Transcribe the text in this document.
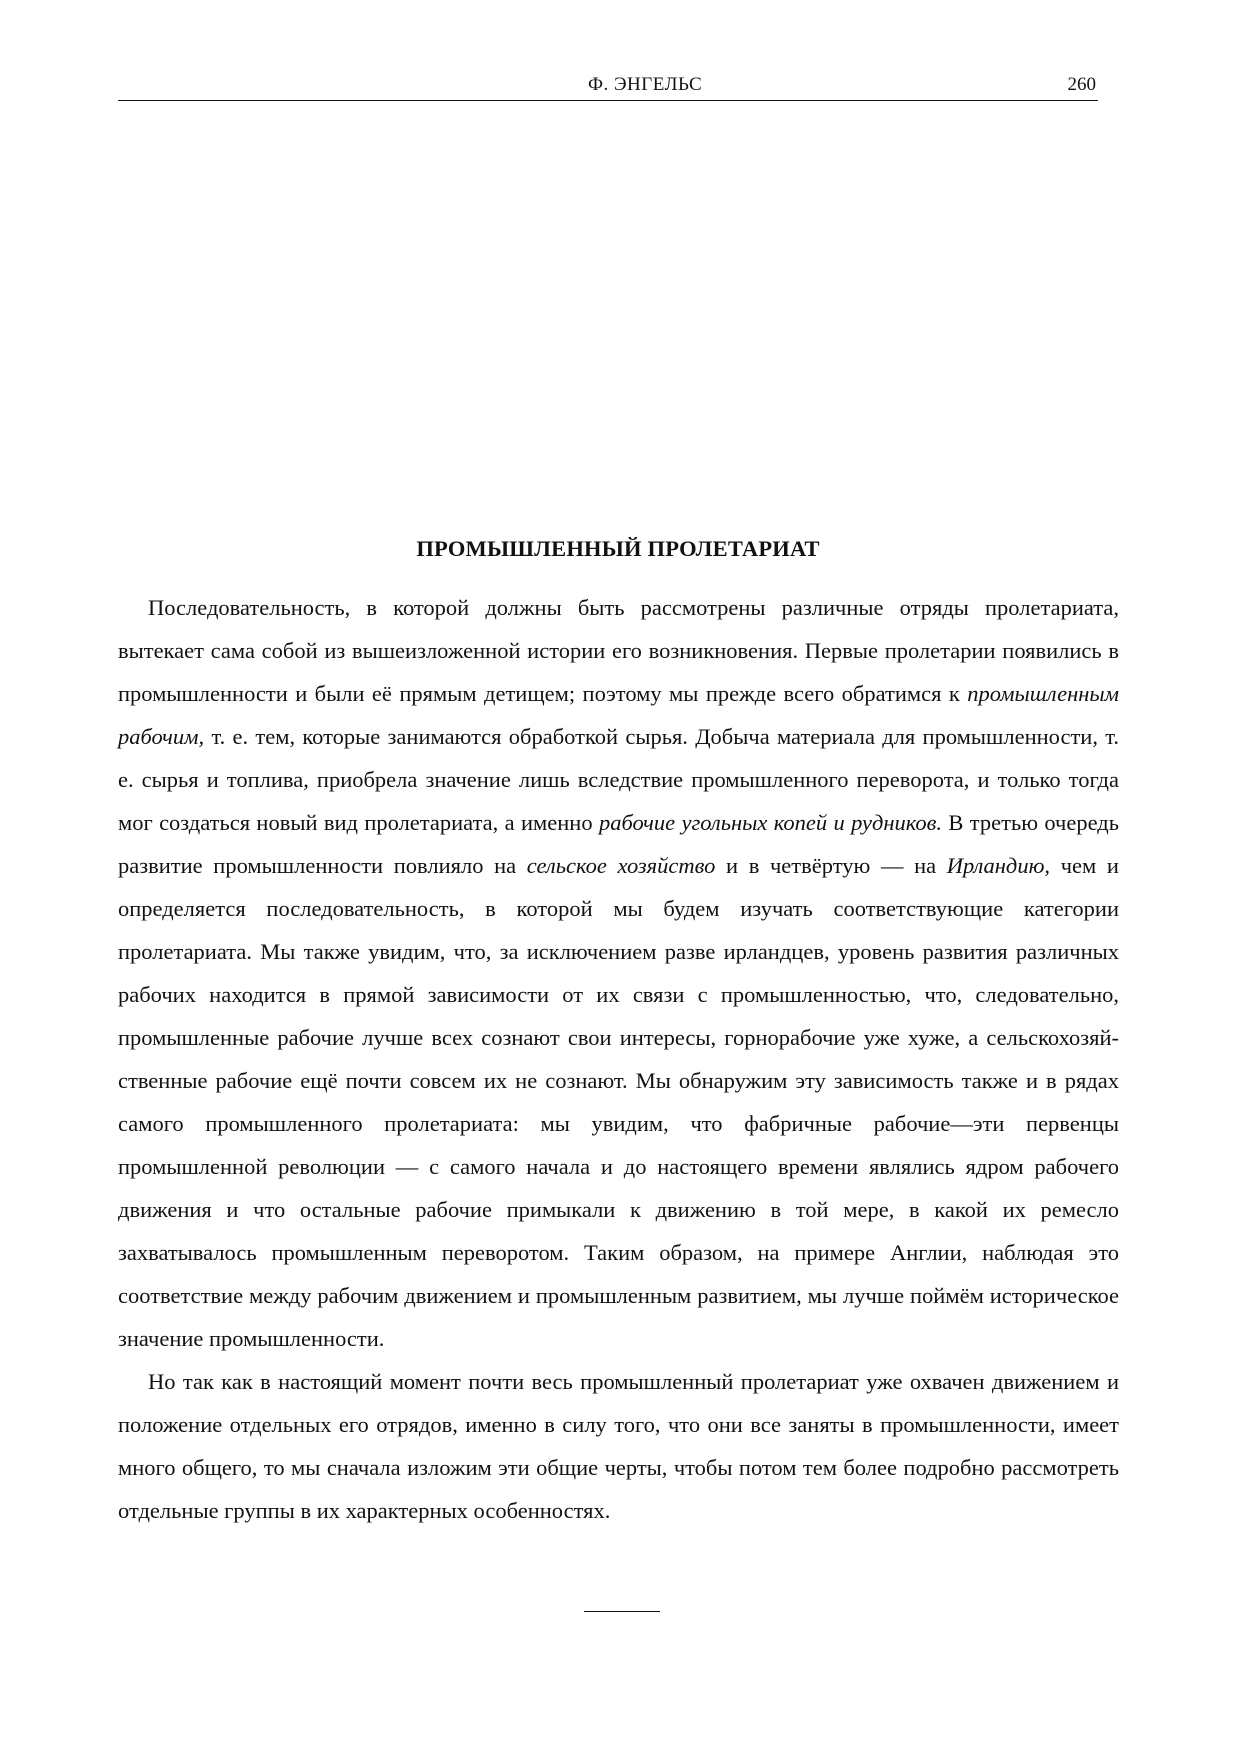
Ф. ЭНГЕЛЬС	260
ПРОМЫШЛЕННЫЙ ПРОЛЕТАРИАТ

Последовательность, в которой должны быть рассмотрены различные отряды пролетариата, вытекает сама собой из вышеизложенной истории его возникновения. Первые пролетарии появились в промышленности и были её прямым детищем; поэтому мы прежде всего обратимся к промышленным рабочим, т. е. тем, которые занимаются обработкой сырья. Добыча материала для промышленности, т. е. сырья и топлива, приобрела значение лишь вследствие промышленного переворота, и только тогда мог создаться новый вид пролетариата, а именно рабочие угольных копей и рудников. В третью очередь развитие промышленности повлияло на сельское хозяйство и в четвёртую — на Ирландию, чем и определяется последовательность, в которой мы будем изучать соответствующие категории пролетариата. Мы также увидим, что, за исключением разве ирландцев, уровень развития различных рабочих находится в прямой зависимости от их связи с промышленностью, что, следовательно, промышленные рабочие лучше всех сознают свои интересы, горнорабочие уже хуже, а сельскохозяйственные рабочие ещё почти совсем их не сознают. Мы обнаружим эту зависимость также и в рядах самого промышленного пролетариата: мы увидим, что фабричные рабочие—эти первенцы промышленной революции — с самого начала и до настоящего времени являлись ядром рабочего движения и что остальные рабочие примыкали к движению в той мере, в какой их ремесло захватывалось промышленным переворотом. Таким образом, на примере Англии, наблюдая это соответствие между рабочим движением и промышленным развитием, мы лучше поймём историческое значение промышленности.

Но так как в настоящий момент почти весь промышленный пролетариат уже охвачен движением и положение отдельных его отрядов, именно в силу того, что они все заняты в промышленности, имеет много общего, то мы сначала изложим эти общие черты, чтобы потом тем более подробно рассмотреть отдельные группы в их характерных особенностях.
